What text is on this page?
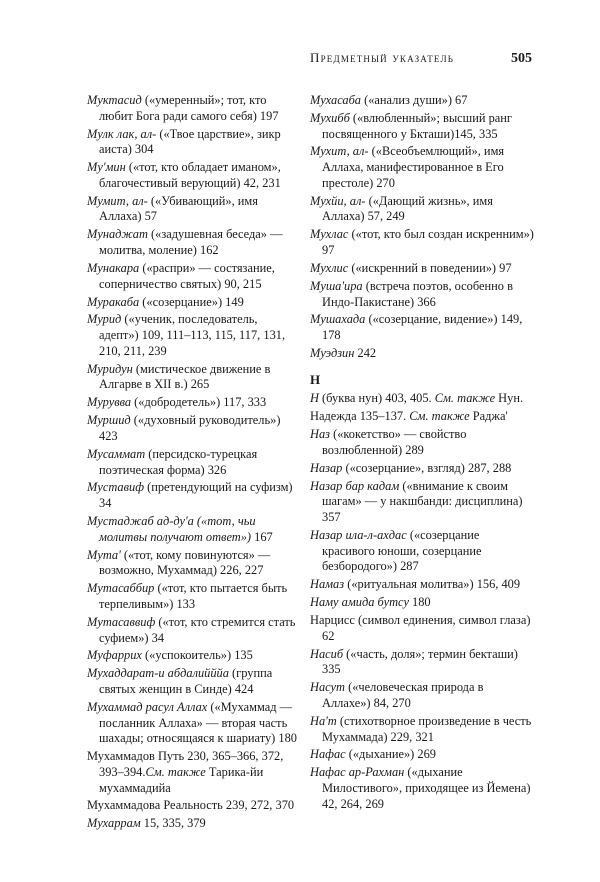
Предметный указатель	505
Муктасид («умеренный»; тот, кто любит Бога ради самого себя) 197
Мулк лак, ал- («Твое царствие», зикр аиста) 304
Му'мин («тот, кто обладает иманом», благочестивый верующий) 42, 231
Мумит, ал- («Убивающий», имя Аллаха) 57
Мунаджат («задушевная беседа» — молитва, моление) 162
Мунакара («распри» — состязание, соперничество святых) 90, 215
Муракаба («созерцание») 149
Мурид («ученик, последователь, адепт») 109, 111–113, 115, 117, 131, 210, 211, 239
Муридун (мистическое движение в Алгарве в XII в.) 265
Мурувва («добродетель») 117, 333
Муршид («духовный руководитель») 423
Мусаммат (персидско-турецкая поэтическая форма) 326
Муставиф (претендующий на суфизм) 34
Мустаджаб ад-ду'а («тот, чьи молитвы получают ответ») 167
Мута' («тот, кому повинуются» — возможно, Мухаммад) 226, 227
Мутасаббир («тот, кто пытается быть терпеливым») 133
Мутасаввиф («тот, кто стремится стать суфием») 34
Муфаррих («успокоитель») 135
Мухаддарат-и абдалийййа (группа святых женщин в Синде) 424
Мухаммад расул Аллах («Мухаммад — посланник Аллаха» — вторая часть шахады; относящаяся к шариату) 180
Мухаммадов Путь 230, 365–366, 372, 393–394.См. также Тарика-йи мухаммадийа
Мухаммадова Реальность 239, 272, 370
Мухаррам 15, 335, 379
Мухасаба («анализ души») 67
Мухибб («влюбленный»; высший ранг посвященного у Бкташи)145, 335
Мухит, ал- («Всеобъемлющий», имя Аллаха, манифестированное в Его престоле) 270
Мухйи, ал- («Дающий жизнь», имя Аллаха) 57, 249
Мухлас («тот, кто был создан искренним») 97
Мухлис («искренний в поведении») 97
Муша'ира (встреча поэтов, особенно в Индо-Пакистане) 366
Мушахада («созерцание, видение») 149, 178
Муэдзин 242
Н
Н (буква нун) 403, 405. См. также Нун.
Надежда 135–137. См. также Раджа'
Наз («кокетство» — свойство возлюбленной) 289
Назар («созерцание», взгляд) 287, 288
Назар бар кадам («внимание к своим шагам» — у накшбанди: дисциплина) 357
Назар ила-л-ахдас («созерцание красивого юноши, созерцание безбородого») 287
Намаз («ритуальная молитва») 156, 409
Наму амида бутсу 180
Нарцисс (символ единения, символ глаза) 62
Насиб («часть, доля»; термин бекташи) 335
Насут («человеческая природа в Аллахе») 84, 270
На'т (стихотворное произведение в честь Мухаммада) 229, 321
Нафас («дыхание») 269
Нафас ар-Рахман («дыхание Милостивого», приходящее из Йемена) 42, 264, 269
